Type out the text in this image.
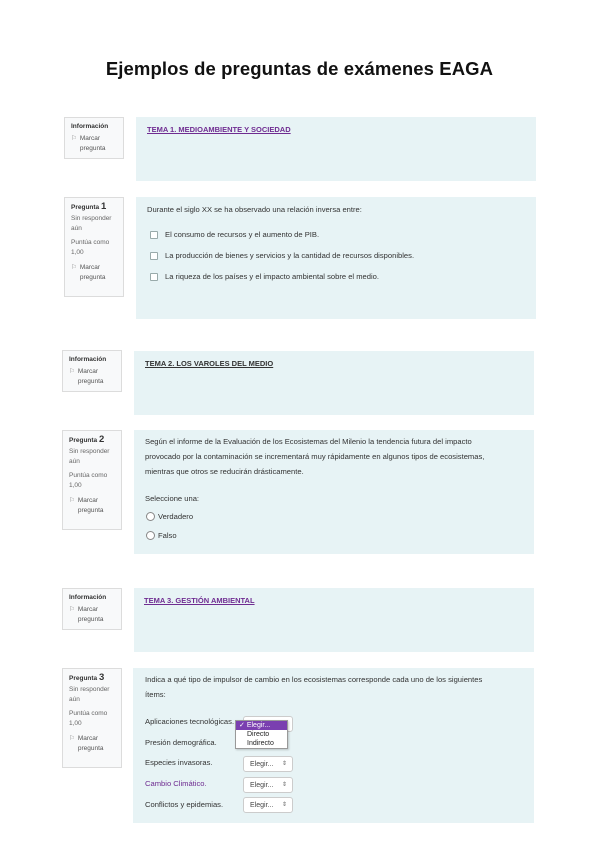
Ejemplos de preguntas de exámenes EAGA
Información
⚐ Marcar pregunta
TEMA 1. MEDIOAMBIENTE Y SOCIEDAD
Pregunta 1
Sin responder aún
Puntúa como 1,00
⚐ Marcar pregunta
Durante el siglo XX se ha observado una relación inversa entre:
El consumo de recursos y el aumento de PIB.
La producción de bienes y servicios y la cantidad de recursos disponibles.
La riqueza de los países y el impacto ambiental sobre el medio.
Información
⚐ Marcar pregunta
TEMA 2. LOS VAROLES DEL MEDIO
Pregunta 2
Sin responder aún
Puntúa como 1,00
⚐ Marcar pregunta
Según el informe de la Evaluación de los Ecosistemas del Milenio la tendencia futura del impacto
provocado por la contaminación se incrementará muy rápidamente en algunos tipos de ecosistemas,
mientras que otros se reducirán drásticamente.
Seleccione una:
Verdadero
Falso
Información
⚐ Marcar pregunta
TEMA 3. GESTIÓN AMBIENTAL
Pregunta 3
Sin responder aún
Puntúa como 1,00
⚐ Marcar pregunta
Indica a qué tipo de impulsor de cambio en los ecosistemas corresponde cada uno de los siguientes
ítems:
Aplicaciones tecnológicas.
Presión demográfica.
Especies invasoras.
Cambio Climático.
Conflictos y epidemias.
Elegir... ⇕
Elegir... ⇕
Elegir... ⇕
✓ Elegir...
Directo
Indirecto
